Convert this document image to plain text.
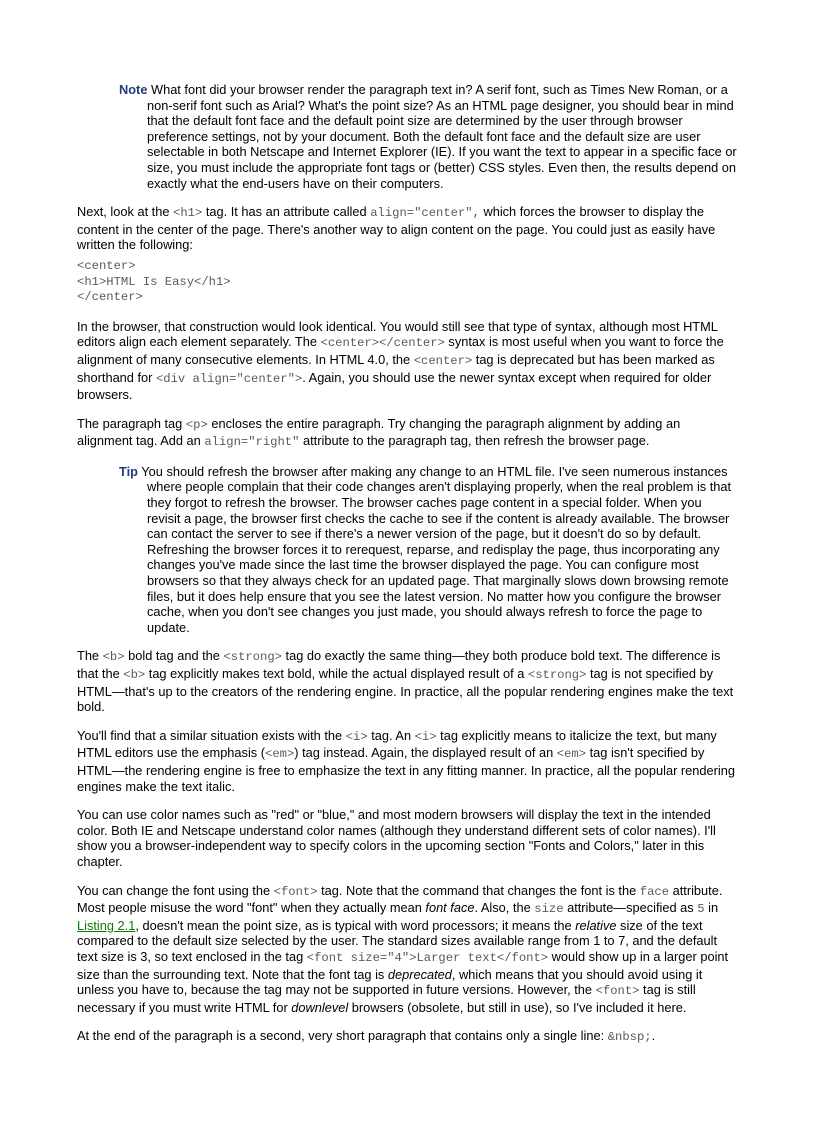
Note What font did your browser render the paragraph text in? A serif font, such as Times New Roman, or a non-serif font such as Arial? What's the point size? As an HTML page designer, you should bear in mind that the default font face and the default point size are determined by the user through browser preference settings, not by your document. Both the default font face and the default size are user selectable in both Netscape and Internet Explorer (IE). If you want the text to appear in a specific face or size, you must include the appropriate font tags or (better) CSS styles. Even then, the results depend on exactly what the end-users have on their computers.

Next, look at the <h1> tag. It has an attribute called align="center", which forces the browser to display the content in the center of the page. There's another way to align content on the page. You could just as easily have written the following:

<center>
<h1>HTML Is Easy</h1>
</center>

In the browser, that construction would look identical. You would still see that type of syntax, although most HTML editors align each element separately. The <center></center> syntax is most useful when you want to force the alignment of many consecutive elements. In HTML 4.0, the <center> tag is deprecated but has been marked as shorthand for <div align="center">. Again, you should use the newer syntax except when required for older browsers.

The paragraph tag <p> encloses the entire paragraph. Try changing the paragraph alignment by adding an alignment tag. Add an align="right" attribute to the paragraph tag, then refresh the browser page.

Tip You should refresh the browser after making any change to an HTML file. I've seen numerous instances where people complain that their code changes aren't displaying properly, when the real problem is that they forgot to refresh the browser. The browser caches page content in a special folder. When you revisit a page, the browser first checks the cache to see if the content is already available. The browser can contact the server to see if there's a newer version of the page, but it doesn't do so by default. Refreshing the browser forces it to rerequest, reparse, and redisplay the page, thus incorporating any changes you've made since the last time the browser displayed the page. You can configure most browsers so that they always check for an updated page. That marginally slows down browsing remote files, but it does help ensure that you see the latest version. No matter how you configure the browser cache, when you don't see changes you just made, you should always refresh to force the page to update.

The <b> bold tag and the <strong> tag do exactly the same thing—they both produce bold text. The difference is that the <b> tag explicitly makes text bold, while the actual displayed result of a <strong> tag is not specified by HTML—that's up to the creators of the rendering engine. In practice, all the popular rendering engines make the text bold.

You'll find that a similar situation exists with the <i> tag. An <i> tag explicitly means to italicize the text, but many HTML editors use the emphasis (<em>) tag instead. Again, the displayed result of an <em> tag isn't specified by HTML—the rendering engine is free to emphasize the text in any fitting manner. In practice, all the popular rendering engines make the text italic.

You can use color names such as "red" or "blue," and most modern browsers will display the text in the intended color. Both IE and Netscape understand color names (although they understand different sets of color names). I'll show you a browser-independent way to specify colors in the upcoming section "Fonts and Colors," later in this chapter.

You can change the font using the <font> tag. Note that the command that changes the font is the face attribute. Most people misuse the word "font" when they actually mean font face. Also, the size attribute—specified as 5 in Listing 2.1, doesn't mean the point size, as is typical with word processors; it means the relative size of the text compared to the default size selected by the user. The standard sizes available range from 1 to 7, and the default text size is 3, so text enclosed in the tag <font size="4">Larger text</font> would show up in a larger point size than the surrounding text. Note that the font tag is deprecated, which means that you should avoid using it unless you have to, because the tag may not be supported in future versions. However, the <font> tag is still necessary if you must write HTML for downlevel browsers (obsolete, but still in use), so I've included it here.

At the end of the paragraph is a second, very short paragraph that contains only a single line: &nbsp;.
